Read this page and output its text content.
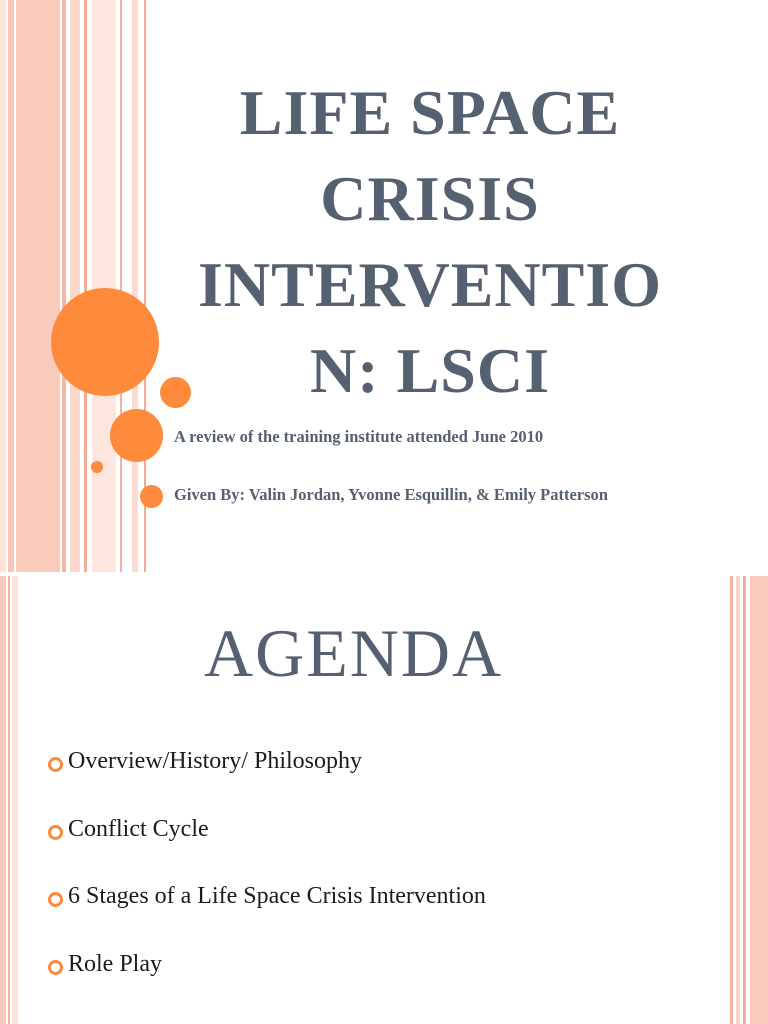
LIFE SPACE
CRISIS
INTERVENTIO
N: LSCI
A review of the training institute attended June 2010
Given By: Valin Jordan, Yvonne Esquillin, & Emily Patterson
AGENDA
Overview/History/ Philosophy
Conflict Cycle
6 Stages of a Life Space Crisis Intervention
Role Play
